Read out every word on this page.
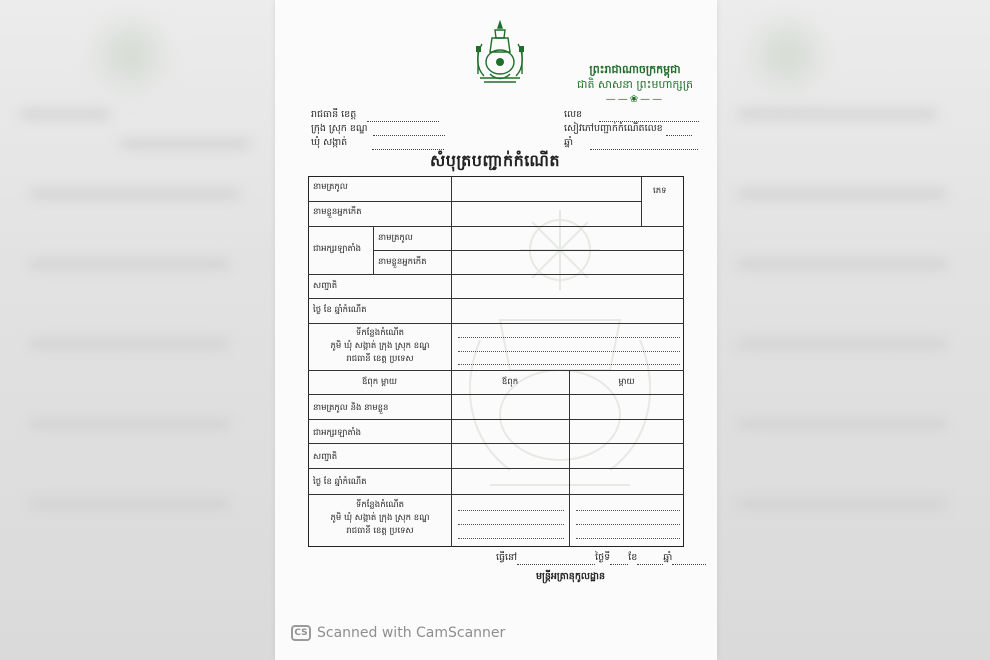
ព្រះរាជាណាចក្រកម្ពុជា
ជាតិ សាសនា ព្រះមហាក្សត្រ
——❀——
រាជធានី ខេត្ត
ក្រុង ស្រុក ខណ្ឌ
ឃុំ សង្កាត់
លេខ
សៀវភៅបញ្ជាក់កំណើតលេខ
ឆ្នាំ
សំបុត្របញ្ជាក់កំណើត
នាមត្រកូល	ភេទ
នាមខ្លួនអ្នកកើត
ជាអក្សរឡាតាំង
នាមត្រកូល
នាមខ្លួនអ្នកកើត
សញ្ជាតិ
ថ្ងៃ ខែ ឆ្នាំកំណើត
ទីកន្លែងកំណើត
ភូមិ ឃុំ សង្កាត់ ក្រុង ស្រុក ខណ្ឌ
រាជធានី ខេត្ត ប្រទេស
ឪពុក ម្ដាយ	ឪពុក	ម្ដាយ
នាមត្រកូល និង នាមខ្លួន
ជាអក្សរឡាតាំង
សញ្ជាតិ
ថ្ងៃ ខែ ឆ្នាំកំណើត
ទីកន្លែងកំណើត
ភូមិ ឃុំ សង្កាត់ ក្រុង ស្រុក ខណ្ឌ
រាជធានី ខេត្ត ប្រទេស
ធ្វើនៅ	ថ្ងៃទី ខែ	ឆ្នាំ
មន្ត្រីអត្រានុកូលដ្ឋាន
CS Scanned with CamScanner
